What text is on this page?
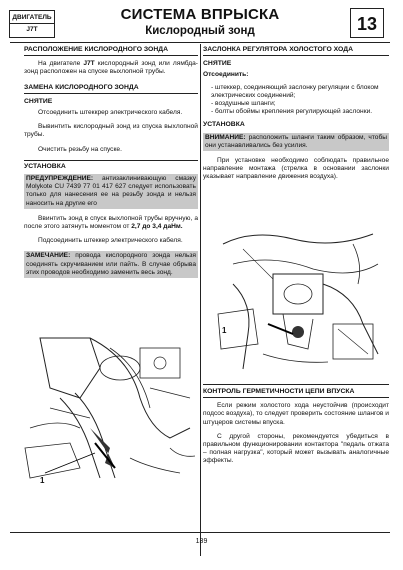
ДВИГАТЕЛЬ
J7T
СИСТЕМА ВПРЫСКА
Кислородный зонд	13
РАСПОЛОЖЕНИЕ КИСЛОРОДНОГО ЗОНДА

На двигателе J7T кислородный зонд или лямбда-зонд расположен на спуске выхлопной трубы.

ЗАМЕНА КИСЛОРОДНОГО ЗОНДА
СНЯТИЕ

Отсоединить штеккрер электрического кабеля.

Вывинтить кислородный зонд из спуска выхлопной трубы.

Очистить резьбу на спуске.

УСТАНОВКА
ПРЕДУПРЕЖДЕНИЕ: антизаклинивающую смазку Molykote CU 7439 77 01 417 627 следует использовать только для нанесения ее на резьбу зонда и нельзя наносить на другие его

Ввинтить зонд в спуск выхлопной трубы вручную, а после этого затянуть моментом от 2,7 до 3,4 даНм.

Подсоединить штеккер электрического кабеля.

ЗАМЕЧАНИЕ: провода кислородного зонда нельзя соединять скручиванием или пайть. В случае обрыва этих проводов необходимо заменить весь зонд.
1
ЗАСЛОНКА РЕГУЛЯТОРА ХОЛОСТОГО ХОДА
СНЯТИЕ

Отсоединить:

- штеккер, соединяющий заслонку регуляции с блоком электрических соединений;
- воздушные шланги;
- болты обоймы крепления регулирующей заслонки.
УСТАНОВКА
ВНИМАНИЕ: расположить шланги таким образом, чтобы они устанавливались без усилия.

При установке необходимо соблюдать правильное направление монтажа (стрелка в основании заслонки указывает направление движения воздуха).

1
КОНТРОЛЬ ГЕРМЕТИЧНОСТИ ЦЕПИ ВПУСКА

Если режим холостого хода неустойчив (происходит подсос воздуха), то следует проверить состояние шлангов и штуцеров системы впуска.

С другой стороны, рекомендуется убедиться в правильном функционировании контактора "педаль отжата – полная нагрузка", который может вызывать аналогичные эффекты.

139
